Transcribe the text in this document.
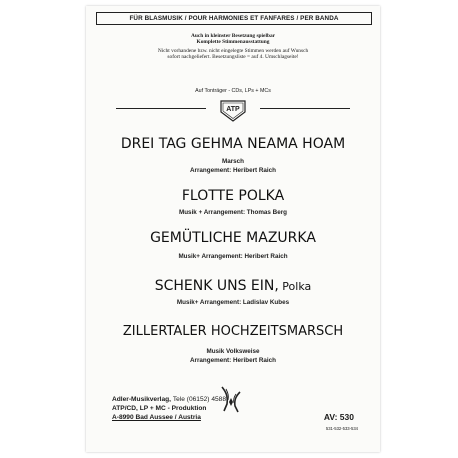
FÜR BLASMUSIK / POUR HARMONIES ET FANFARES / PER BANDA
Auch in kleinster Besetzung spielbar
Komplette Stimmenausstattung
Nicht vorhandene bzw. nicht eingelegte Stimmen werden auf Wunsch
sofort nachgeliefert. Besetzungsliste = auf 4. Umschlagseite!
Auf Tonträger - CDs, LPs + MCs
ATP
DREI TAG GEHMA NEAMA HOAM
Marsch
Arrangement: Heribert Raich
FLOTTE POLKA
Musik + Arrangement: Thomas Berg
GEMÜTLICHE MAZURKA
Musik+ Arrangement: Heribert Raich
SCHENK UNS EIN, Polka
Musik+ Arrangement: Ladislav Kubes
ZILLERTALER HOCHZEITSMARSCH
Musik Volksweise
Arrangement: Heribert Raich
Adler-Musikverlag, Tele (06152) 4588
ATP/CD, LP + MC - Produktion
A-8990 Bad Aussee / Austria	AV: 530
531-532-533-534
